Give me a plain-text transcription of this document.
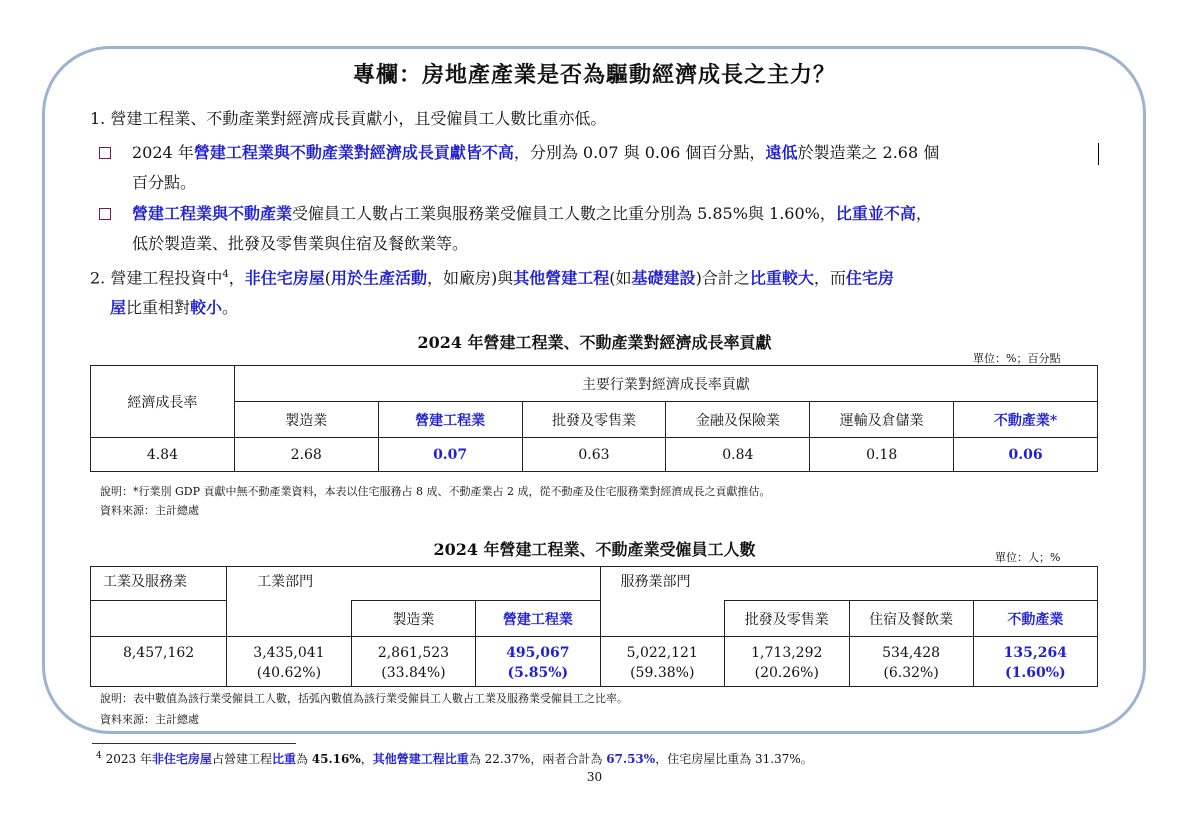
專欄：房地產產業是否為驅動經濟成長之主力？
1. 營建工程業、不動產業對經濟成長貢獻小，且受僱員工人數比重亦低。
2024 年營建工程業與不動產業對經濟成長貢獻皆不高，分別為 0.07 與 0.06 個百分點，遠低於製造業之 2.68 個
百分點。
營建工程業與不動產業受僱員工人數占工業與服務業受僱員工人數之比重分別為 5.85%與 1.60%，比重並不高，
低於製造業、批發及零售業與住宿及餐飲業等。
2. 營建工程投資中$^4$，非住宅房屋(用於生產活動，如廠房)與其他營建工程(如基礎建設)合計之比重較大，而住宅房
屋比重相對較小。
2024 年營建工程業、不動產業對經濟成長率貢獻
單位：%；百分點
經濟成長率	主要行業對經濟成長率貢獻					
	製造業	營建工程業	批發及零售業	金融及保險業	運輸及倉儲業	不動產業*
4.84	2.68	0.07	0.63	0.84	0.18	0.06
說明：*行業別 GDP 貢獻中無不動產業資料，本表以住宅服務占 8 成、不動產業占 2 成，從不動產及住宅服務業對經濟成長之貢獻推估。
資料來源：主計總處
2024 年營建工程業、不動產業受僱員工人數	單位：人；%
工業及服務業	工業部門			服務業部門			
		製造業	營建工程業		批發及零售業	住宿及餐飲業	不動產業
8,457,162	3,435,041	2,861,523	495,067	5,022,121	1,713,292	534,428	135,264
	(40.62%)	(33.84%)	(5.85%)	(59.38%)	(20.26%)	(6.32%)	(1.60%)
說明：表中數值為該行業受僱員工人數，括弧內數值為該行業受僱員工人數占工業及服務業受僱員工之比率。
資料來源：主計總處
$^4$ 2023 年非住宅房屋占營建工程比重為 45.16%，其他營建工程比重為 22.37%，兩者合計為 67.53%，住宅房屋比重為 31.37%。
30
